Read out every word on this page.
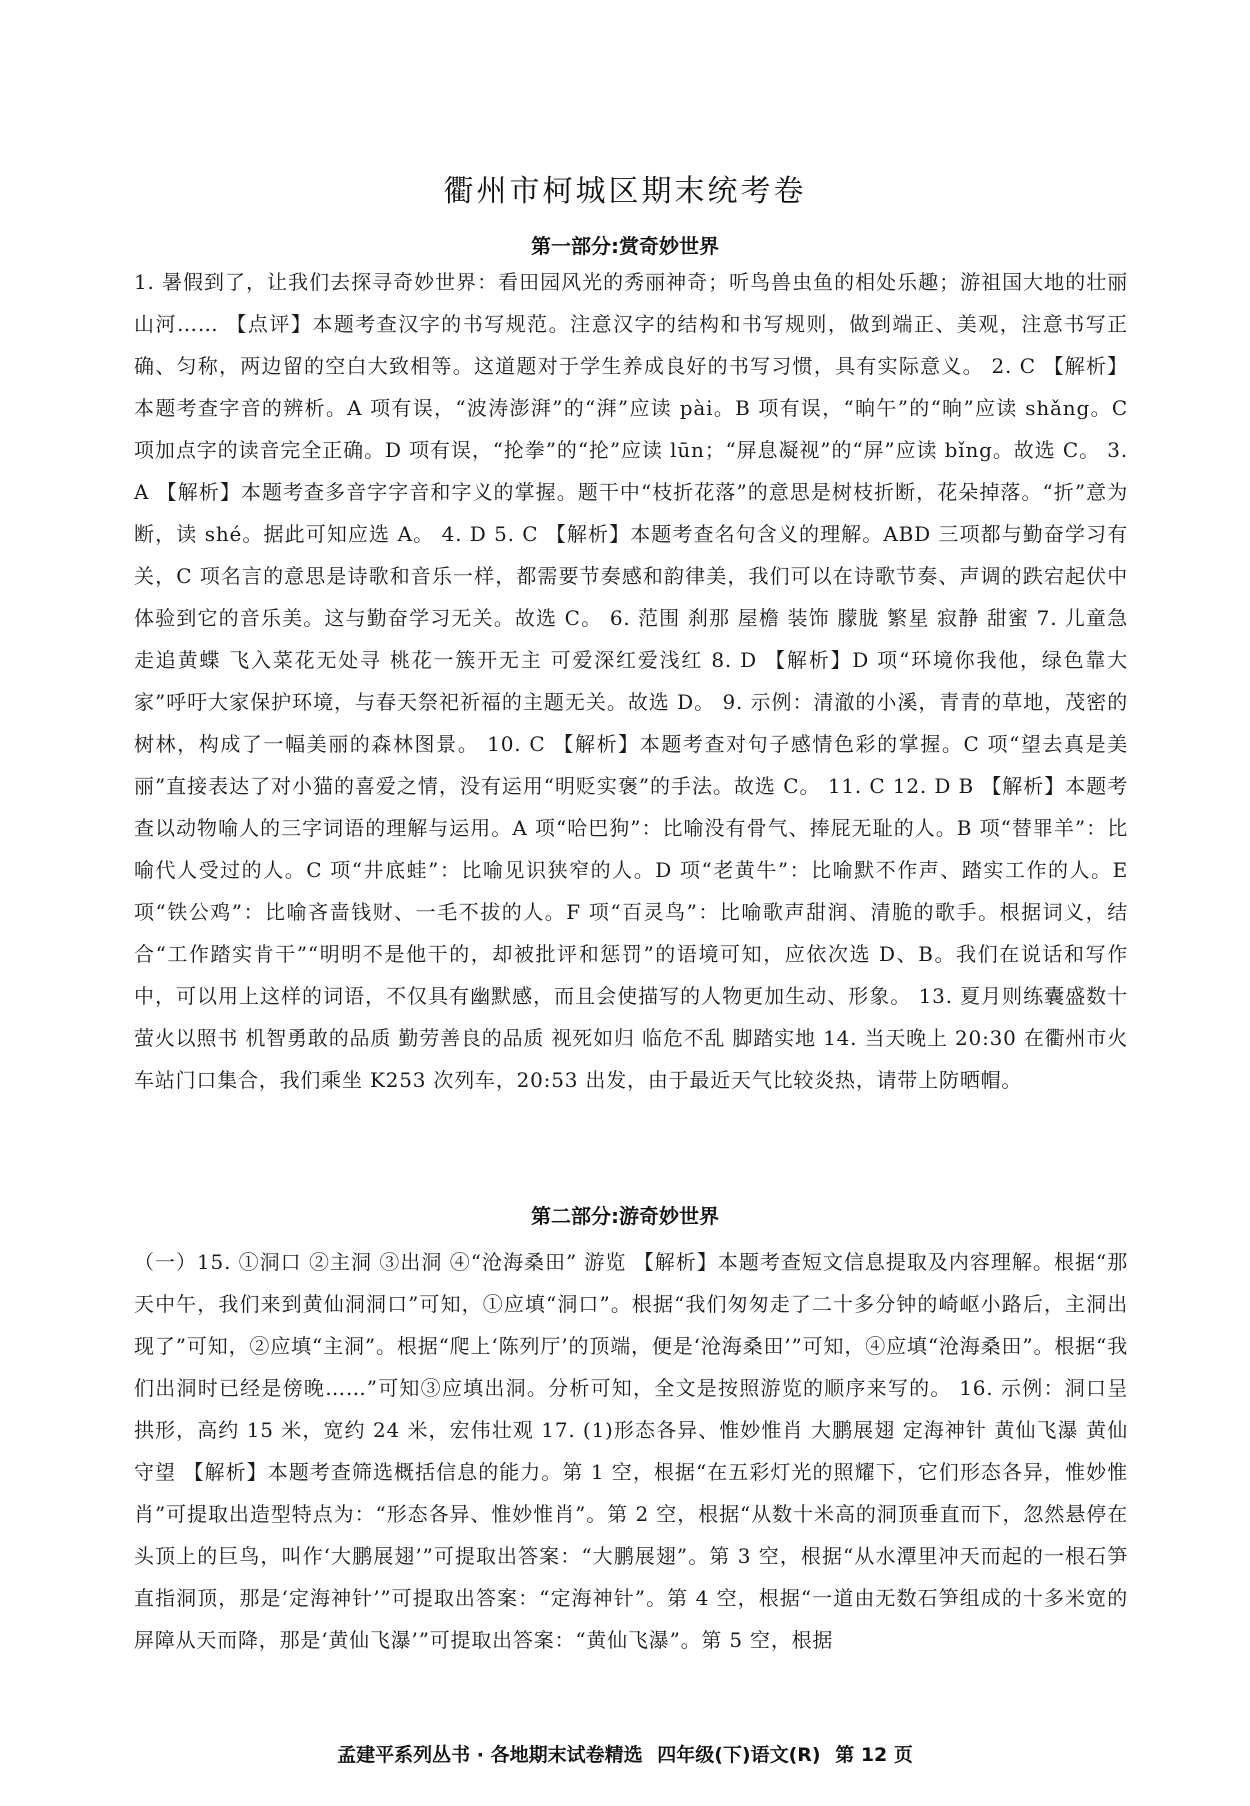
衢州市柯城区期末统考卷
第一部分:赏奇妙世界
1. 暑假到了，让我们去探寻奇妙世界：看田园风光的秀丽神奇；听鸟兽虫鱼的相处乐趣；游祖国大地的壮丽山河…… 【点评】本题考查汉字的书写规范。注意汉字的结构和书写规则，做到端正、美观，注意书写正确、匀称，两边留的空白大致相等。这道题对于学生养成良好的书写习惯，具有实际意义。 2. C 【解析】本题考查字音的辨析。A 项有误，“波涛澎湃”的“湃”应读 pài。B 项有误，“晌午”的“晌”应读 shǎng。C 项加点字的读音完全正确。D 项有误，“抡拳”的“抡”应读 lūn；“屏息凝视”的“屏”应读 bǐng。故选 C。 3. A 【解析】本题考查多音字字音和字义的掌握。题干中“枝折花落”的意思是树枝折断，花朵掉落。“折”意为断，读 shé。据此可知应选 A。 4. D 5. C 【解析】本题考查名句含义的理解。ABD 三项都与勤奋学习有关，C 项名言的意思是诗歌和音乐一样，都需要节奏感和韵律美，我们可以在诗歌节奏、声调的跌宕起伏中体验到它的音乐美。这与勤奋学习无关。故选 C。 6. 范围 刹那 屋檐 装饰 朦胧 繁星 寂静 甜蜜 7. 儿童急走追黄蝶 飞入菜花无处寻 桃花一簇开无主 可爱深红爱浅红 8. D 【解析】D 项“环境你我他，绿色靠大家”呼吁大家保护环境，与春天祭祀祈福的主题无关。故选 D。 9. 示例：清澈的小溪，青青的草地，茂密的树林，构成了一幅美丽的森林图景。 10. C 【解析】本题考查对句子感情色彩的掌握。C 项“望去真是美丽”直接表达了对小猫的喜爱之情，没有运用“明贬实褒”的手法。故选 C。 11. C 12. D B 【解析】本题考查以动物喻人的三字词语的理解与运用。A 项“哈巴狗”：比喻没有骨气、捧屁无耻的人。B 项“替罪羊”：比喻代人受过的人。C 项“井底蛙”：比喻见识狭窄的人。D 项“老黄牛”：比喻默不作声、踏实工作的人。E 项“铁公鸡”：比喻吝啬钱财、一毛不拔的人。F 项“百灵鸟”：比喻歌声甜润、清脆的歌手。根据词义，结合“工作踏实肯干”“明明不是他干的，却被批评和惩罚”的语境可知，应依次选 D、B。我们在说话和写作中，可以用上这样的词语，不仅具有幽默感，而且会使描写的人物更加生动、形象。 13. 夏月则练囊盛数十萤火以照书 机智勇敢的品质 勤劳善良的品质 视死如归 临危不乱 脚踏实地 14. 当天晚上 20:30 在衢州市火车站门口集合，我们乘坐 K253 次列车，20:53 出发，由于最近天气比较炎热，请带上防晒帽。
第二部分:游奇妙世界
（一）15. ①洞口 ②主洞 ③出洞 ④“沧海桑田” 游览 【解析】本题考查短文信息提取及内容理解。根据“那天中午，我们来到黄仙洞洞口”可知，①应填“洞口”。根据“我们匆匆走了二十多分钟的崎岖小路后，主洞出现了”可知，②应填“主洞”。根据“爬上‘陈列厅’的顶端，便是‘沧海桑田’”可知，④应填“沧海桑田”。根据“我们出洞时已经是傍晚……”可知③应填出洞。分析可知，全文是按照游览的顺序来写的。 16. 示例：洞口呈拱形，高约 15 米，宽约 24 米，宏伟壮观 17. (1)形态各异、惟妙惟肖 大鹏展翅 定海神针 黄仙飞瀑 黄仙守望 【解析】本题考查筛选概括信息的能力。第 1 空，根据“在五彩灯光的照耀下，它们形态各异，惟妙惟肖”可提取出造型特点为：“形态各异、惟妙惟肖”。第 2 空，根据“从数十米高的洞顶垂直而下，忽然悬停在头顶上的巨鸟，叫作‘大鹏展翅’”可提取出答案：“大鹏展翅”。第 3 空，根据“从水潭里冲天而起的一根石笋直指洞顶，那是‘定海神针’”可提取出答案：“定海神针”。第 4 空，根据“一道由无数石笋组成的十多米宽的屏障从天而降，那是‘黄仙飞瀑’”可提取出答案：“黄仙飞瀑”。第 5 空，根据
孟建平系列丛书 · 各地期末试卷精选 四年级(下)语文(R) 第 12 页
